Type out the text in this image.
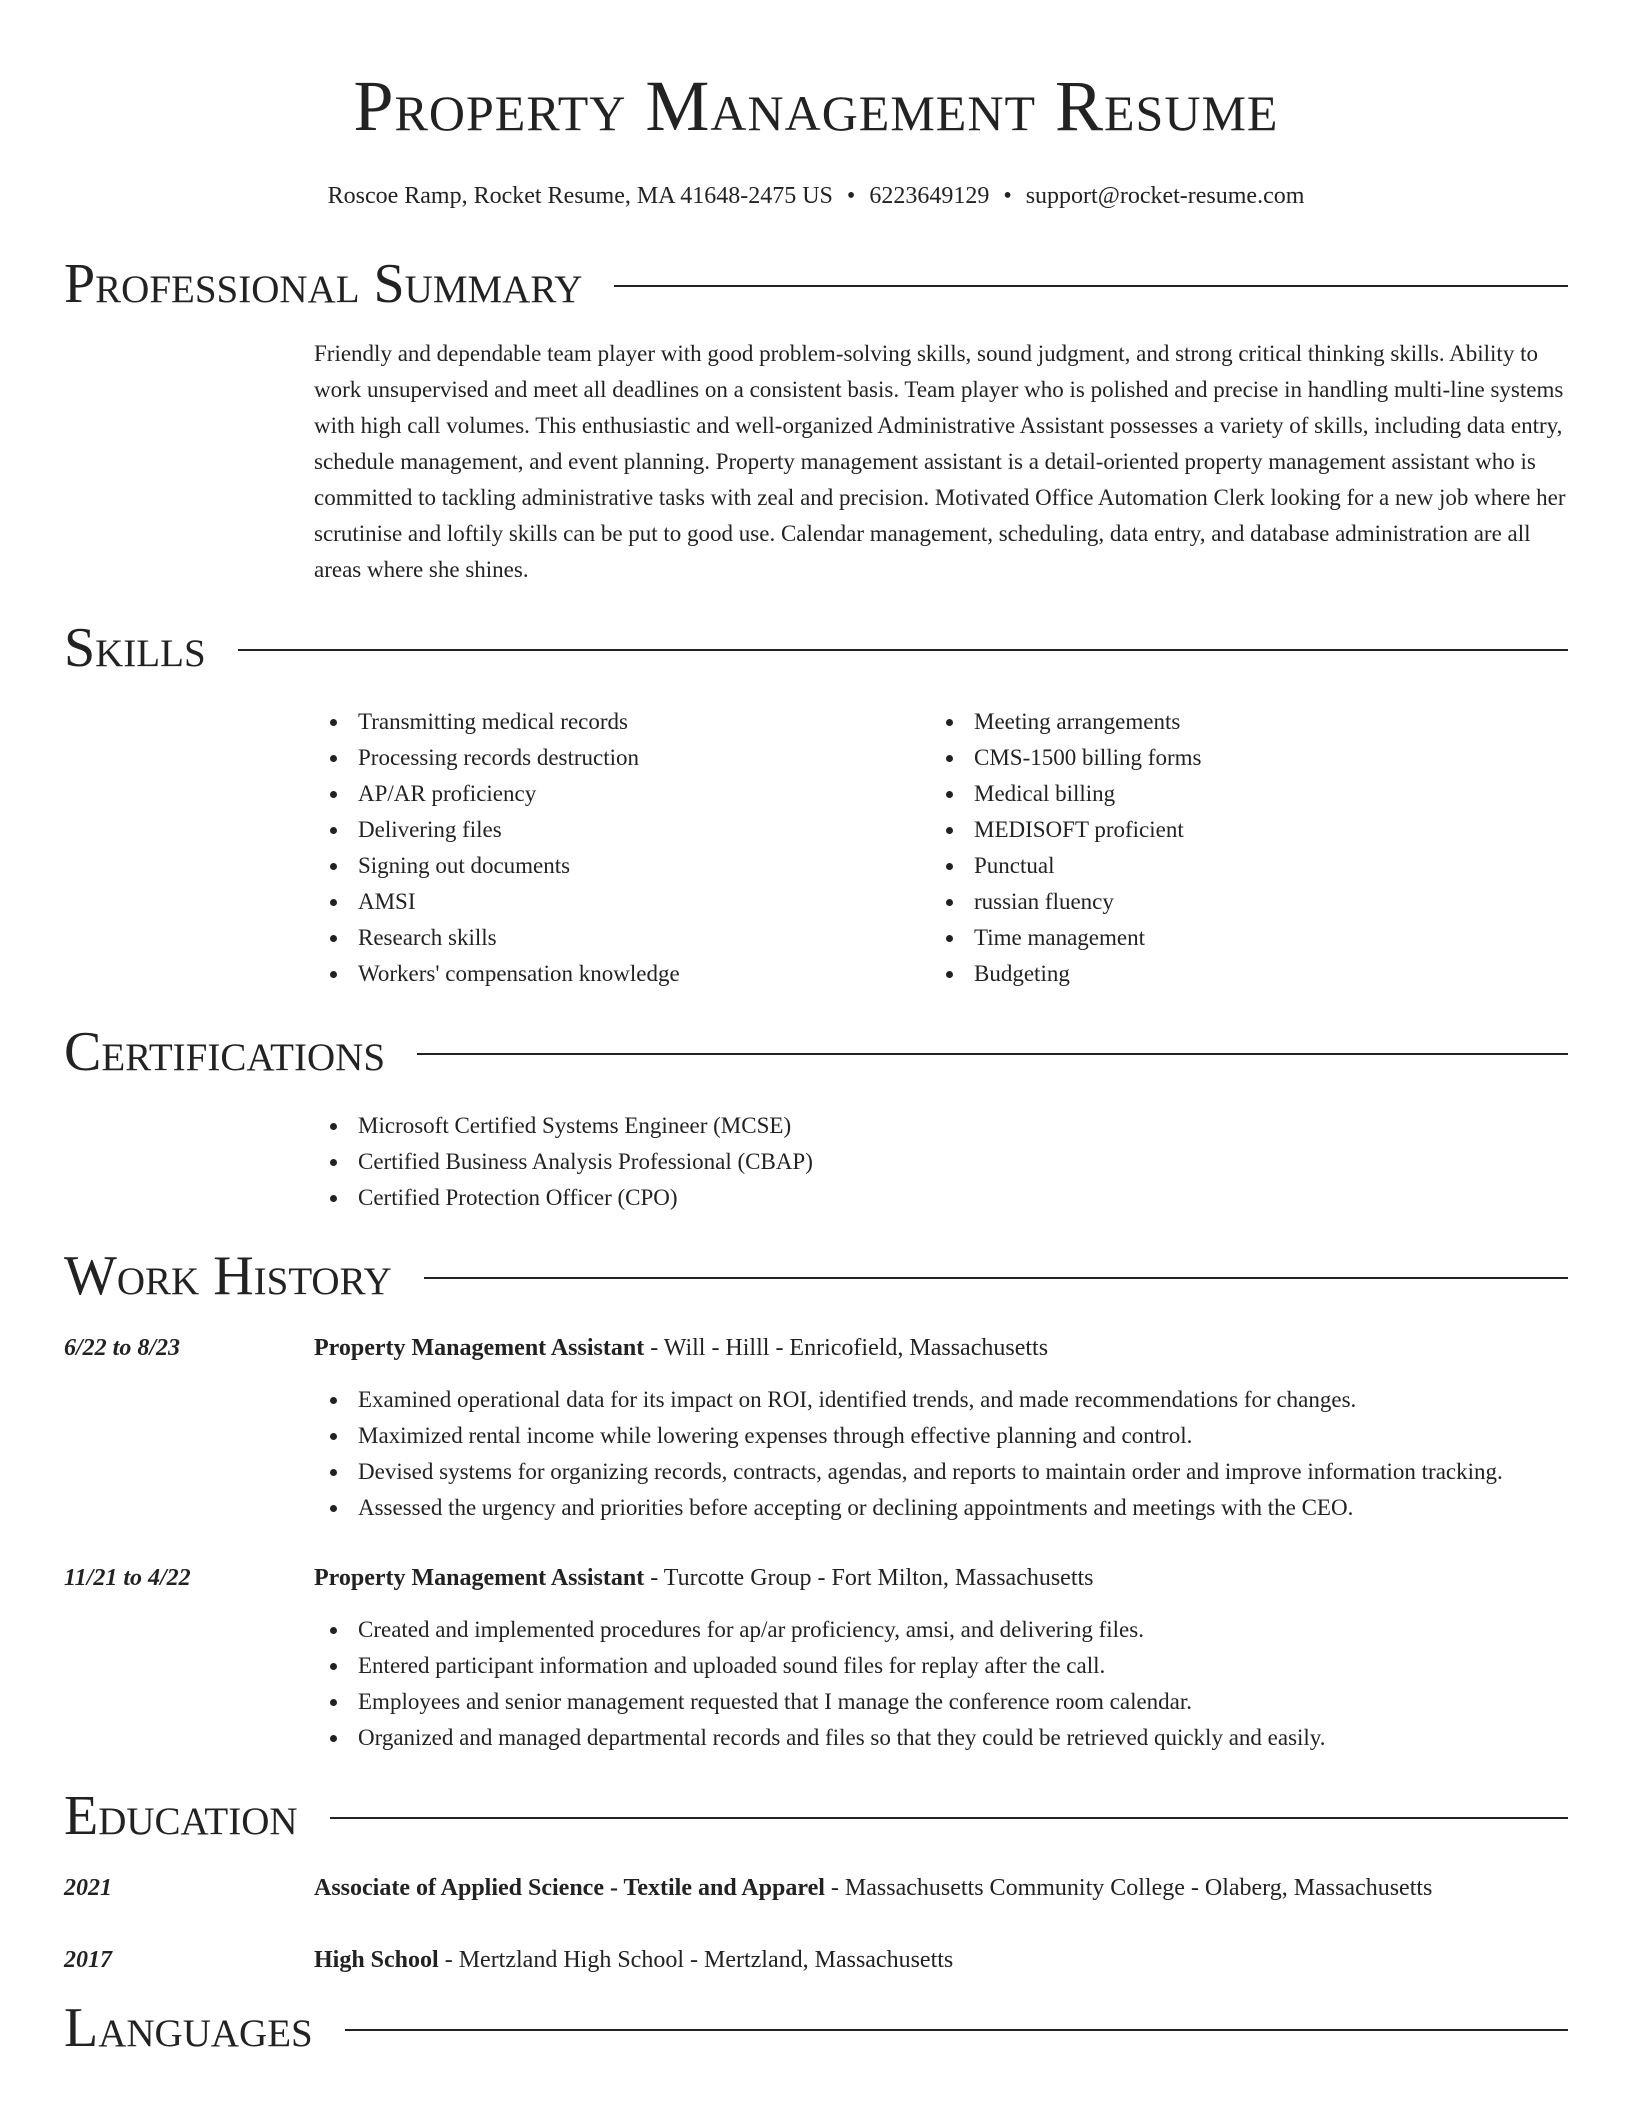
Property Management Resume
Roscoe Ramp, Rocket Resume, MA 41648-2475 US • 6223649129 • support@rocket-resume.com
Professional Summary
Friendly and dependable team player with good problem-solving skills, sound judgment, and strong critical thinking skills. Ability to work unsupervised and meet all deadlines on a consistent basis. Team player who is polished and precise in handling multi-line systems with high call volumes. This enthusiastic and well-organized Administrative Assistant possesses a variety of skills, including data entry, schedule management, and event planning. Property management assistant is a detail-oriented property management assistant who is committed to tackling administrative tasks with zeal and precision. Motivated Office Automation Clerk looking for a new job where her scrutinise and loftily skills can be put to good use. Calendar management, scheduling, data entry, and database administration are all areas where she shines.
Skills
Transmitting medical records
Processing records destruction
AP/AR proficiency
Delivering files
Signing out documents
AMSI
Research skills
Workers' compensation knowledge
Meeting arrangements
CMS-1500 billing forms
Medical billing
MEDISOFT proficient
Punctual
russian fluency
Time management
Budgeting
Certifications
Microsoft Certified Systems Engineer (MCSE)
Certified Business Analysis Professional (CBAP)
Certified Protection Officer (CPO)
Work History
6/22 to 8/23	Property Management Assistant - Will - Hilll - Enricofield, Massachusetts
Examined operational data for its impact on ROI, identified trends, and made recommendations for changes.
Maximized rental income while lowering expenses through effective planning and control.
Devised systems for organizing records, contracts, agendas, and reports to maintain order and improve information tracking.
Assessed the urgency and priorities before accepting or declining appointments and meetings with the CEO.
11/21 to 4/22	Property Management Assistant - Turcotte Group - Fort Milton, Massachusetts
Created and implemented procedures for ap/ar proficiency, amsi, and delivering files.
Entered participant information and uploaded sound files for replay after the call.
Employees and senior management requested that I manage the conference room calendar.
Organized and managed departmental records and files so that they could be retrieved quickly and easily.
Education
2021	Associate of Applied Science - Textile and Apparel - Massachusetts Community College - Olaberg, Massachusetts
2017	High School - Mertzland High School - Mertzland, Massachusetts
Languages
